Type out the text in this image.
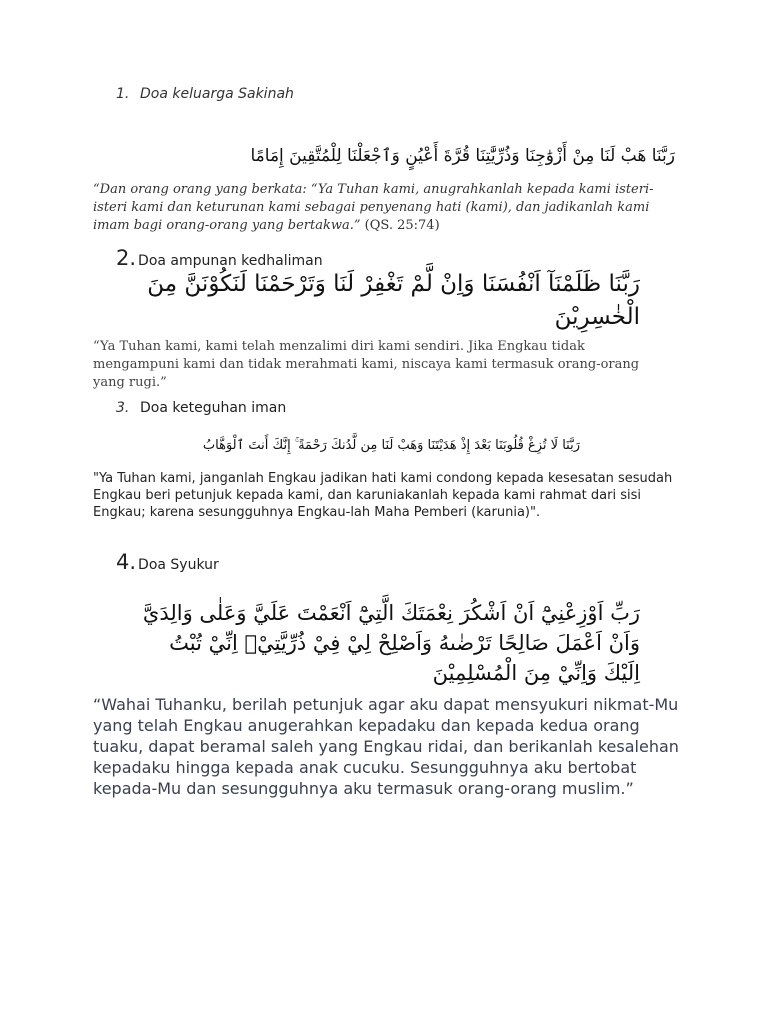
1. Doa keluarga Sakinah
رَبَّنَا هَبْ لَنَا مِنْ أَزْوَٰجِنَا وَذُرِّيَّٰتِنَا قُرَّةَ أَعْيُنٍ وَٱجْعَلْنَا لِلْمُتَّقِينَ إِمَامًا
“Dan orang orang yang berkata: “Ya Tuhan kami, anugrahkanlah kepada kami isteri-isteri kami dan keturunan kami sebagai penyenang hati (kami), dan jadikanlah kami imam bagi orang-orang yang bertakwa.” (QS. 25:74)
2. Doa ampunan kedhaliman
رَبَّنَا ظَلَمْنَآ اَنْفُسَنَا وَاِنْ لَّمْ تَغْفِرْ لَنَا وَتَرْحَمْنَا لَنَكُوْنَنَّ مِنَ الْخٰسِرِيْنَ
“Ya Tuhan kami, kami telah menzalimi diri kami sendiri. Jika Engkau tidak mengampuni kami dan tidak merahmati kami, niscaya kami termasuk orang-orang yang rugi.”
3. Doa keteguhan iman
رَبَّنَا لَا تُزِغْ قُلُوبَنَا بَعْدَ إِذْ هَدَيْتَنَا وَهَبْ لَنَا مِن لَّدُنكَ رَحْمَةً ۚ إِنَّكَ أَنتَ ٱلْوَهَّابُ
"Ya Tuhan kami, janganlah Engkau jadikan hati kami condong kepada kesesatan sesudah Engkau beri petunjuk kepada kami, dan karuniakanlah kepada kami rahmat dari sisi Engkau; karena sesungguhnya Engkau-lah Maha Pemberi (karunia)".
4. Doa Syukur
رَبِّ اَوْزِعْنِيْٓ اَنْ اَشْكُرَ نِعْمَتَكَ الَّتِيْٓ اَنْعَمْتَ عَلَيَّ وَعَلٰى وَالِدَيَّ وَاَنْ اَعْمَلَ صَالِحًا تَرْضٰىهُ وَاَصْلِحْ لِيْ فِيْ ذُرِّيَّتِيْۗ اِنِّيْ تُبْتُ اِلَيْكَ وَاِنِّيْ مِنَ الْمُسْلِمِيْنَ
“Wahai Tuhanku, berilah petunjuk agar aku dapat mensyukuri nikmat-Mu yang telah Engkau anugerahkan kepadaku dan kepada kedua orang tuaku, dapat beramal saleh yang Engkau ridai, dan berikanlah kesalehan kepadaku hingga kepada anak cucuku. Sesungguhnya aku bertobat kepada-Mu dan sesungguhnya aku termasuk orang-orang muslim.”
